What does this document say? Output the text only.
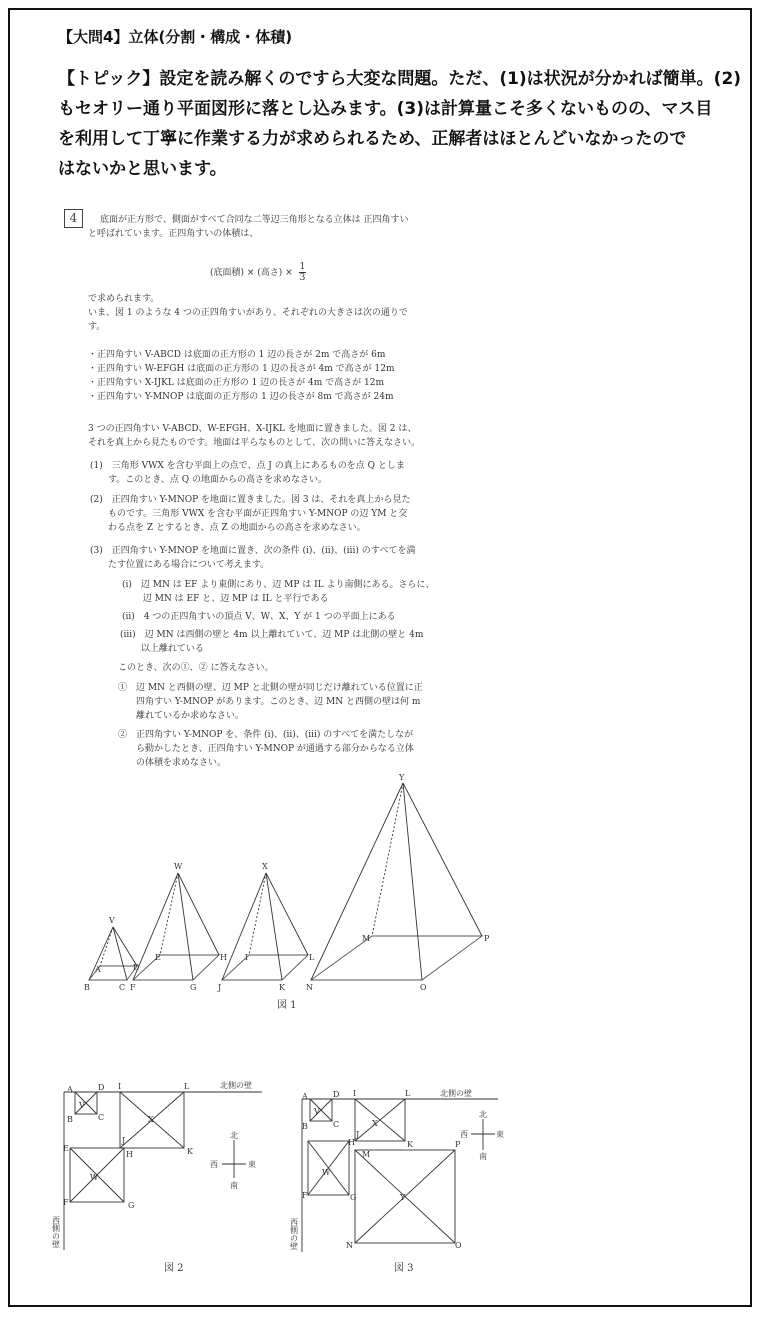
【大問4】立体(分割・構成・体積)

【トピック】設定を読み解くのですら大変な問題。ただ、(1)は状況が分かれば簡単。(2)

もセオリー通り平面図形に落とし込みます。(3)は計算量こそ多くないものの、マス目

を利用して丁寧に作業する力が求められるため、正解者はほとんどいなかったので

はないかと思います。

4	底面が正方形で、側面がすべて合同な二等辺三角形となる立体は 正四角すい
と呼ばれています。正四角すいの体積は、
(底面積) × (高さ) × $\frac{1}{3}$
で求められます。
いま、図 1 のような 4 つの正四角すいがあり、それぞれの大きさは次の通りで
す。
・正四角すい V-ABCD は底面の正方形の 1 辺の長さが 2m で高さが 6m
・正四角すい W-EFGH は底面の正方形の 1 辺の長さが 4m で高さが 12m
・正四角すい X-IJKL は底面の正方形の 1 辺の長さが 4m で高さが 12m
・正四角すい Y-MNOP は底面の正方形の 1 辺の長さが 8m で高さが 24m
3 つの正四角すい V-ABCD、W-EFGH、X-IJKL を地面に置きました。図 2 は、
それを真上から見たものです。地面は平らなものとして、次の問いに答えなさい。
(1)　三角形 VWX を含む平面上の点で、点 J の真上にあるものを点 Q としま
　　す。このとき、点 Q の地面からの高さを求めなさい。
(2)　正四角すい Y-MNOP を地面に置きました。図 3 は、それを真上から見た
　　ものです。三角形 VWX を含む平面が正四角すい Y-MNOP の辺 YM と交
　　わる点を Z とするとき、点 Z の地面からの高さを求めなさい。
(3)　正四角すい Y-MNOP を地面に置き、次の条件 (i)、(ii)、(iii) のすべてを満
　　たす位置にある場合について考えます。
(i)　辺 MN は EF より東側にあり、辺 MP は IL より南側にある。さらに、
　　 辺 MN は EF と、辺 MP は IL と平行である
(ii)　4 つの正四角すいの頂点 V、W、X、Y が 1 つの平面上にある
(iii)　辺 MN は西側の壁と 4m 以上離れていて、辺 MP は北側の壁と 4m
　　 以上離れている
このとき、次の①、② に答えなさい。
①　辺 MN と西側の壁、辺 MP と北側の壁が同じだけ離れている位置に正
　　四角すい Y-MNOP があります。このとき、辺 MN と西側の壁は何 m
　　離れているか求めなさい。
②　正四角すい Y-MNOP を、条件 (i)、(ii)、(iii) のすべてを満たしなが
　　ら動かしたとき、正四角すい Y-MNOP が通過する部分からなる立体
　　の体積を求めなさい。
V
A
B	C
D
W
E
F	G
H
X
I
J	K
L
Y
M
N	O
P
図 1
A	D
B	C
V
I	L
X
J
K
E
H
W
F	G
北側の壁
北
西	東
南
西側の壁
図 2
A	D
B	C
V
I	L
X
J
K
H
M
P
W
Y
F	G
N	O
北側の壁
北
西	東
南
西側の壁
図 3
